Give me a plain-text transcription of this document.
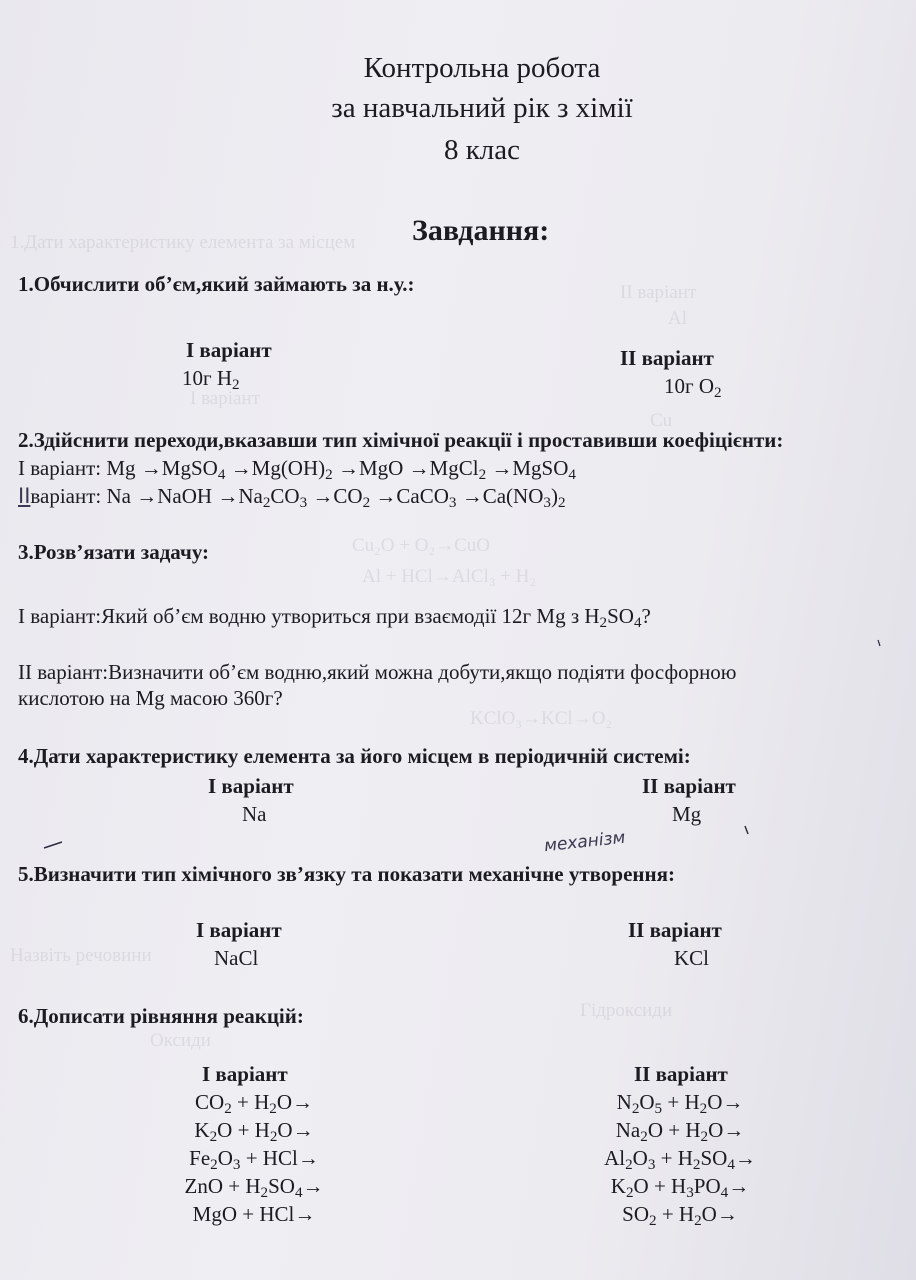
1.Дати характеристику елемента за місцем
ІІ варіант
Al
І варіант
Cu
Cu₂O + O₂→CuO
Al + HCl→AlCl₃ + H₂
KClO₃→KCl→O₂
Назвіть речовини
Гідроксиди
Оксиди
Контрольна робота
за навчальний рік з хімії
8 клас
Завдання:
1.Обчислити об’єм,який займають за н.у.:
І варіант
10г $H_2$
ІІ варіант
10г $O_2$
2.Здійснити переходи,вказавши тип хімічної реакції і проставивши коефіцієнти:
І варіант: Mg →MgSO$_4$ $\to Mg(OH)_2 \to MgO$ →MgCl$_2$ →MgSO$_4$
ІІваріант: Na →NaOH $\to Na_2CO_3 \to CO_2$ →CaCO$_3$ $\to Ca(NO_3)_2$
3.Розв’язати задачу:
І варіант:Який об’єм водню утвориться при взаємодії 12г Mg з $H_2SO_4$?
ІІ варіант:Визначити об’єм водню,який можна добути,якщо подіяти фосфорною
кислотою на Mg масою 360г?
4.Дати характеристику елемента за його місцем в періодичній системі:
І варіант
Na
ІІ варіант
Mg
механізм
5.Визначити тип хімічного зв’язку та показати механічне утворення:
І варіант
NaCl
ІІ варіант
KCl
6.Дописати рівняння реакцій:
І варіант	ІІ варіант
$CO_2 + H_2O\to$
$K_2O + H_2O\to$
$Fe_2O_3 + HCl\to$
ZnO + $H_2SO_4\to$
MgO + HCl→
$N_2O_5 + H_2O\to$
$Na_2O + H_2O\to$
$Al_2O_3 + H_2SO_4\to$
$K_2O + H_3PO_4\to$
$SO_2 + H_2O\to$
